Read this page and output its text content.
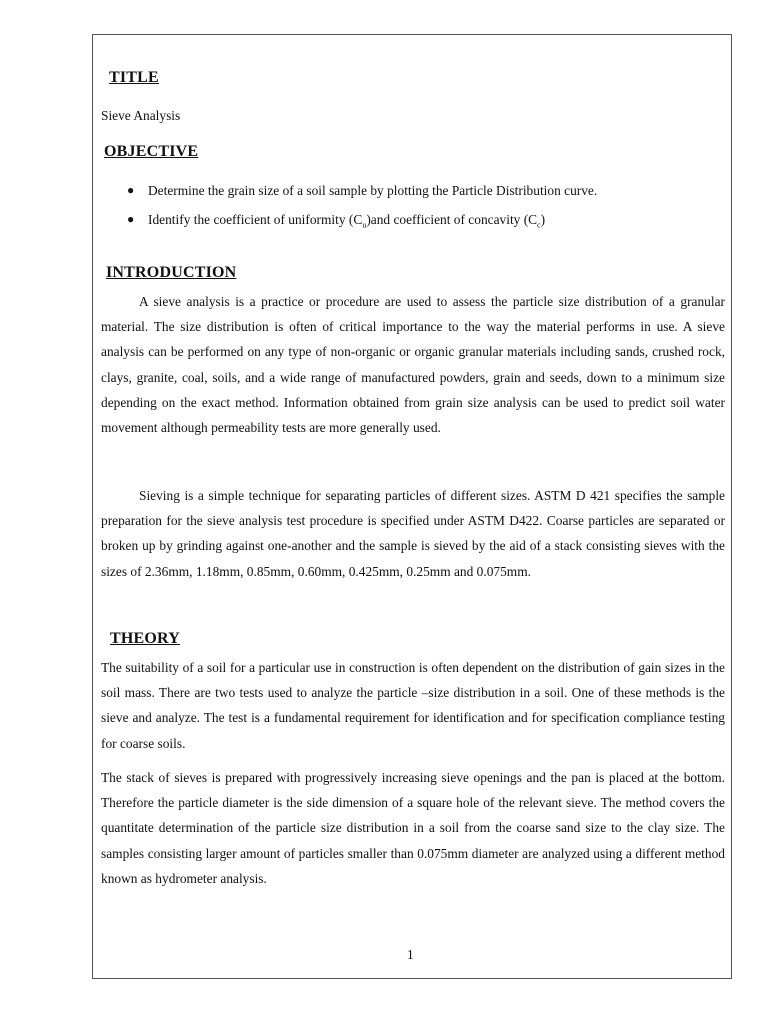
TITLE
Sieve Analysis
OBJECTIVE
● Determine the grain size of a soil sample by plotting the Particle Distribution curve.
● Identify the coefficient of uniformity $(C_u)and$ coefficient of concavity $(C_c)$
INTRODUCTION
A sieve analysis is a practice or procedure are used to assess the particle size distribution of a granular material. The size distribution is often of critical importance to the way the material performs in use. A sieve analysis can be performed on any type of non-organic or organic granular materials including sands, crushed rock, clays, granite, coal, soils, and a wide range of manufactured powders, grain and seeds, down to a minimum size depending on the exact method. Information obtained from grain size analysis can be used to predict soil water movement although permeability tests are more generally used.
Sieving is a simple technique for separating particles of different sizes. ASTM D 421 specifies the sample preparation for the sieve analysis test procedure is specified under ASTM D422. Coarse particles are separated or broken up by grinding against one-another and the sample is sieved by the aid of a stack consisting sieves with the sizes of 2.36mm, 1.18mm, 0.85mm, 0.60mm, 0.425mm, 0.25mm and 0.075mm.
THEORY
The suitability of a soil for a particular use in construction is often dependent on the distribution of gain sizes in the soil mass. There are two tests used to analyze the particle –size distribution in a soil. One of these methods is the sieve and analyze. The test is a fundamental requirement for identification and for specification compliance testing for coarse soils.
The stack of sieves is prepared with progressively increasing sieve openings and the pan is placed at the bottom. Therefore the particle diameter is the side dimension of a square hole of the relevant sieve. The method covers the quantitate determination of the particle size distribution in a soil from the coarse sand size to the clay size. The samples consisting larger amount of particles smaller than 0.075mm diameter are analyzed using a different method known as hydrometer analysis.
1
